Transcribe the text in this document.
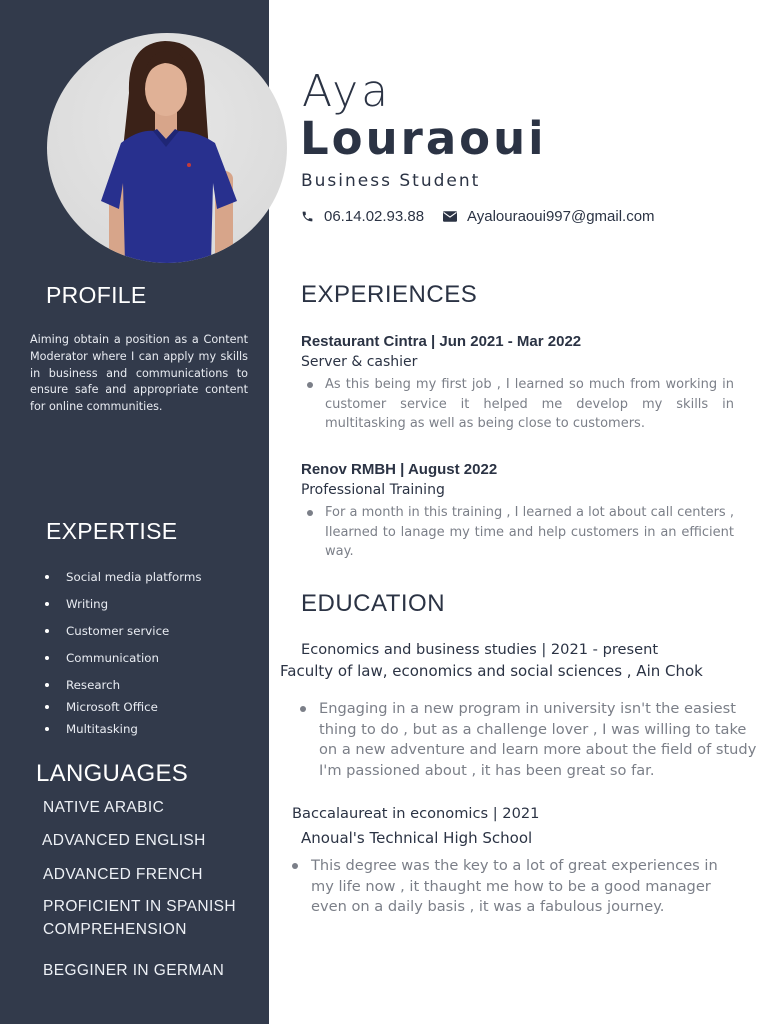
PROFILE

Aiming obtain a position as a Content Moderator where I can apply my skills in business and communications to ensure safe and appropriate content for online communities.

EXPERTISE
Social media platforms
Writing
Customer service
Communication
Research
Microsoft Office
Multitasking
LANGUAGES
NATIVE ARABIC
ADVANCED ENGLISH
ADVANCED FRENCH
PROFICIENT IN SPANISH COMPREHENSION
BEGGINER IN GERMAN
Aya
Louraoui
Business Student
06.14.02.93.88	Ayalouraoui997@gmail.com
EXPERIENCES
Restaurant Cintra | Jun 2021 - Mar 2022
Server & cashier

As this being my first job , I learned so much from working in customer service it helped me develop my skills in multitasking as well as being close to customers.

Renov RMBH | August 2022
Professional Training

For a month in this training , I learned a lot about call centers , Ilearned to lanage my time and help customers in an efficient way.

EDUCATION
Economics and business studies | 2021 - present
Faculty of law, economics and social sciences , Ain Chok

Engaging in a new program in university isn't the easiest thing to do , but as a challenge lover , I was willing to take on a new adventure and learn more about the field of study I'm passioned about , it has been great so far.

Baccalaureat in economics | 2021
Anoual's Technical High School

This degree was the key to a lot of great experiences in my life now , it thaught me how to be a good manager even on a daily basis , it was a fabulous journey.
